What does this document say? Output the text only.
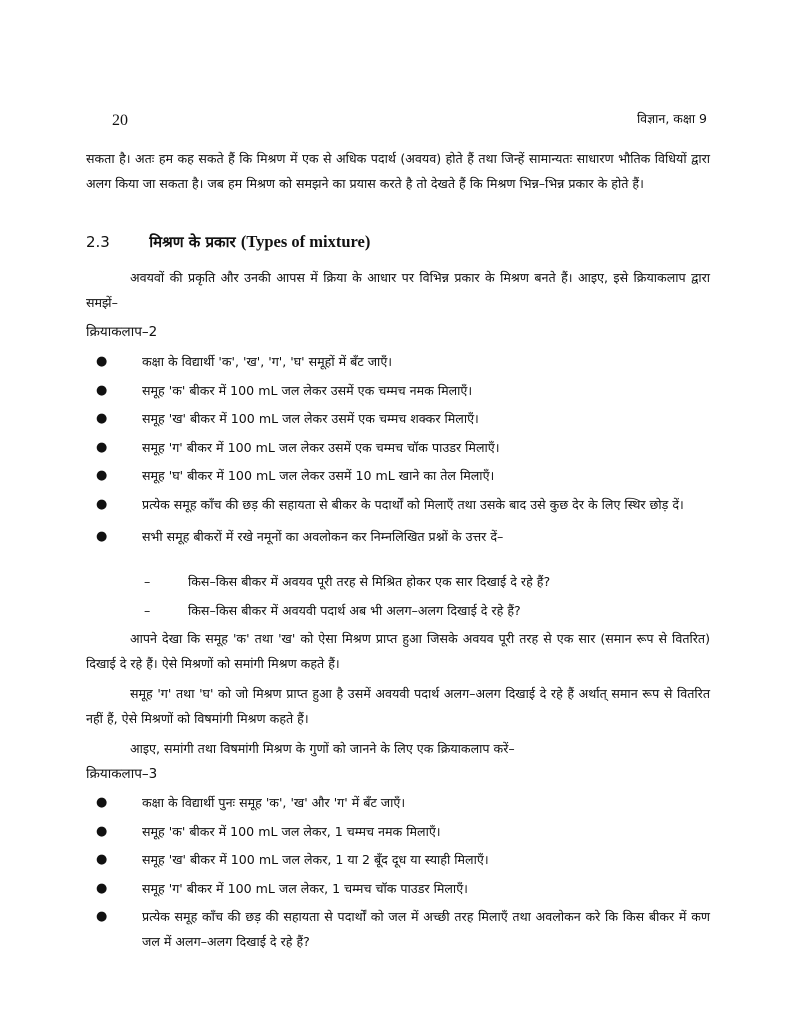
20	विज्ञान, कक्षा 9

सकता है। अतः हम कह सकते हैं कि मिश्रण में एक से अधिक पदार्थ (अवयव) होते हैं तथा जिन्हें सामान्यतः साधारण भौतिक विधियों द्वारा अलग किया जा सकता है। जब हम मिश्रण को समझने का प्रयास करते है तो देखते हैं कि मिश्रण भिन्न–भिन्न प्रकार के होते हैं।

2.3	मिश्रण के प्रकार (Types of mixture)

अवयवों की प्रकृति और उनकी आपस में क्रिया के आधार पर विभिन्न प्रकार के मिश्रण बनते हैं। आइए, इसे क्रियाकलाप द्वारा समझें–

क्रियाकलाप–2
●	कक्षा के विद्यार्थी 'क', 'ख', 'ग', 'घ' समूहों में बँट जाएँ।
●	समूह 'क' बीकर में 100 mL जल लेकर उसमें एक चम्मच नमक मिलाएँ।
●	समूह 'ख' बीकर में 100 mL जल लेकर उसमें एक चम्मच शक्कर मिलाएँ।
●	समूह 'ग' बीकर में 100 mL जल लेकर उसमें एक चम्मच चॉक पाउडर मिलाएँ।
●	समूह 'घ' बीकर में 100 mL जल लेकर उसमें 10 mL खाने का तेल मिलाएँ।
●	प्रत्येक समूह काँच की छड़ की सहायता से बीकर के पदार्थों को मिलाएँ तथा उसके बाद उसे कुछ देर के लिए स्थिर छोड़ दें।
●	सभी समूह बीकरों में रखे नमूनों का अवलोकन कर निम्नलिखित प्रश्नों के उत्तर दें–
–	किस–किस बीकर में अवयव पूरी तरह से मिश्रित होकर एक सार दिखाई दे रहे हैं?
–	किस–किस बीकर में अवयवी पदार्थ अब भी अलग–अलग दिखाई दे रहे हैं?

आपने देखा कि समूह 'क' तथा 'ख' को ऐसा मिश्रण प्राप्त हुआ जिसके अवयव पूरी तरह से एक सार (समान रूप से वितरित) दिखाई दे रहे हैं। ऐसे मिश्रणों को समांगी मिश्रण कहते हैं।

समूह 'ग' तथा 'घ' को जो मिश्रण प्राप्त हुआ है उसमें अवयवी पदार्थ अलग–अलग दिखाई दे रहे हैं अर्थात् समान रूप से वितरित नहीं हैं, ऐसे मिश्रणों को विषमांगी मिश्रण कहते हैं।

आइए, समांगी तथा विषमांगी मिश्रण के गुणों को जानने के लिए एक क्रियाकलाप करें–

क्रियाकलाप–3
●	कक्षा के विद्यार्थी पुनः समूह 'क', 'ख' और 'ग' में बँट जाएँ।
●	समूह 'क' बीकर में 100 mL जल लेकर, 1 चम्मच नमक मिलाएँ।
●	समूह 'ख' बीकर में 100 mL जल लेकर, 1 या 2 बूँद दूध या स्याही मिलाएँ।
●	समूह 'ग' बीकर में 100 mL जल लेकर, 1 चम्मच चॉक पाउडर मिलाएँ।
●	प्रत्येक समूह काँच की छड़ की सहायता से पदार्थों को जल में अच्छी तरह मिलाएँ तथा अवलोकन करे कि किस बीकर में कण जल में अलग–अलग दिखाई दे रहे हैं?
